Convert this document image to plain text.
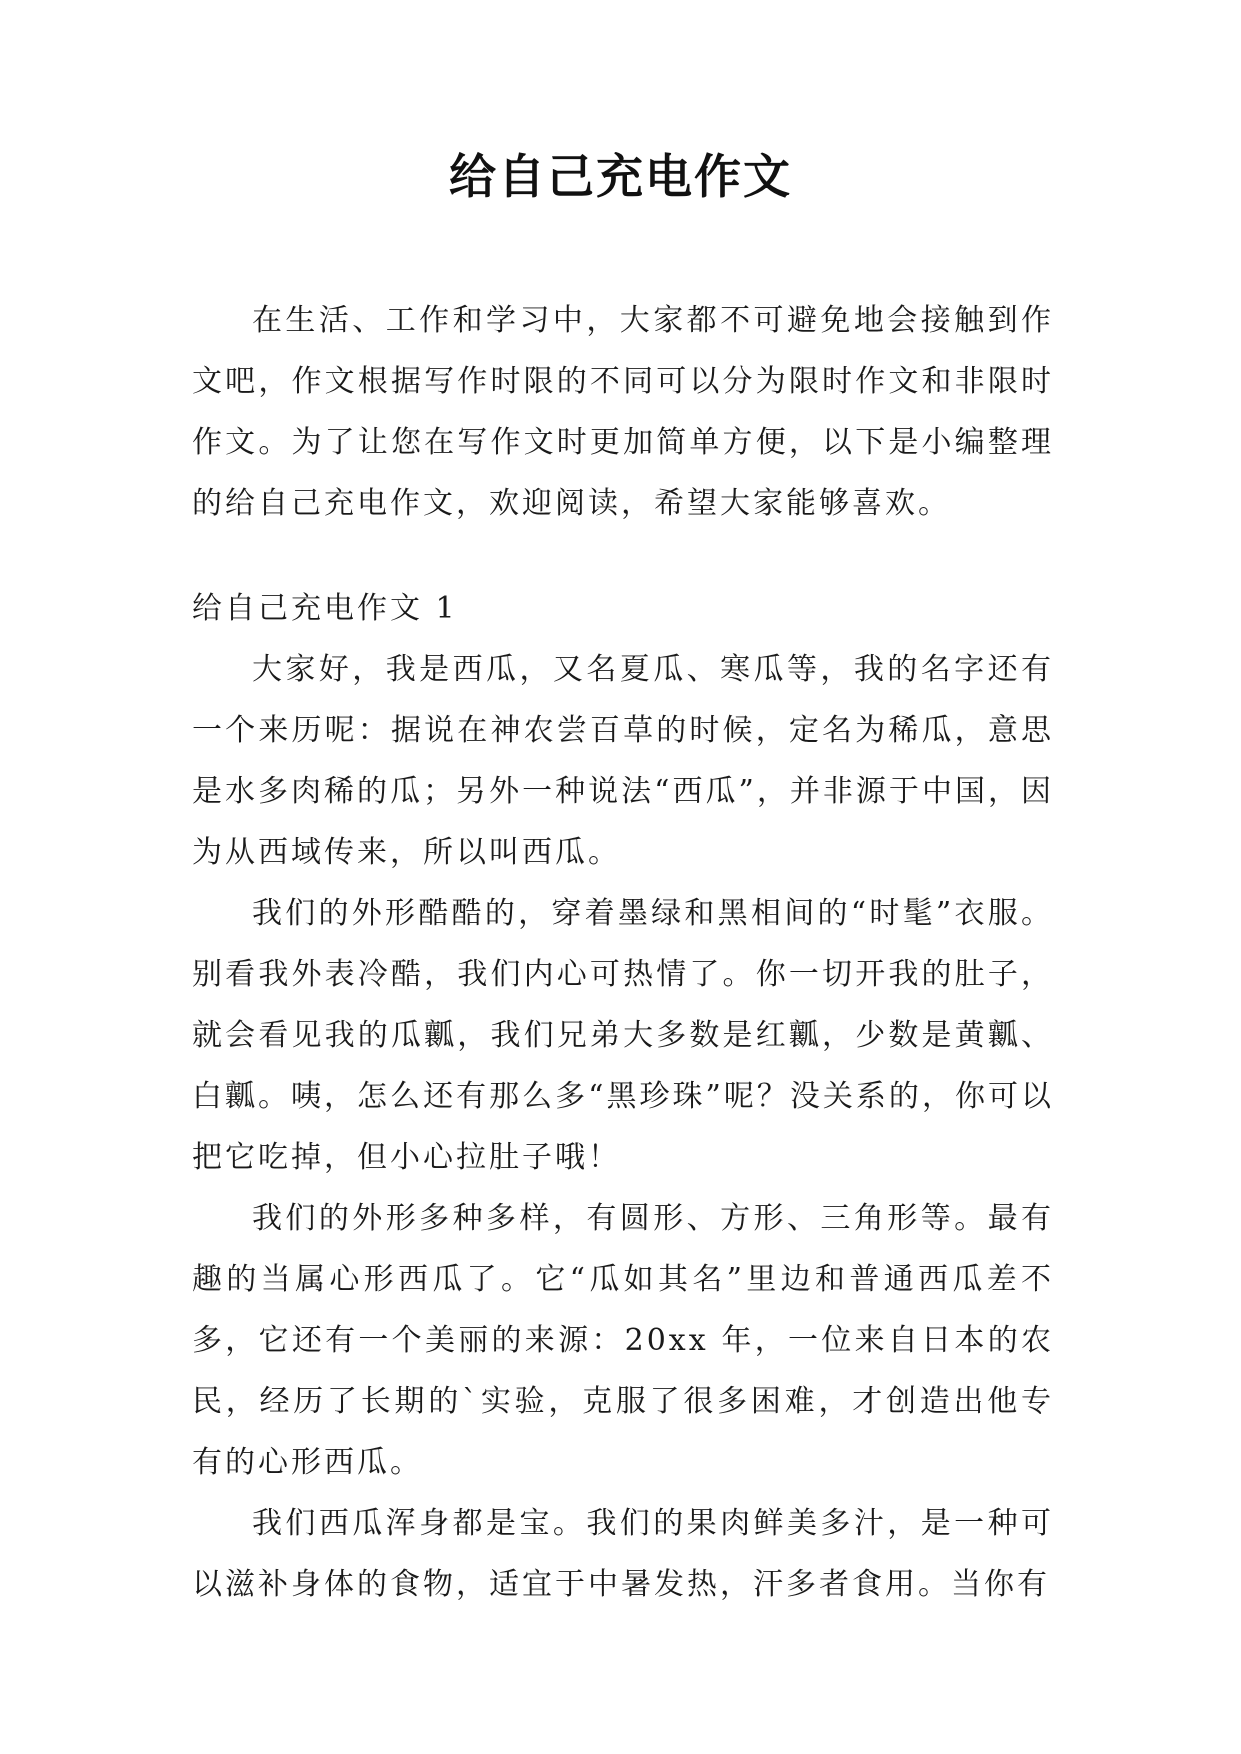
给自己充电作文

在生活、工作和学习中，大家都不可避免地会接触到作文吧，作文根据写作时限的不同可以分为限时作文和非限时作文。为了让您在写作文时更加简单方便，以下是小编整理的给自己充电作文，欢迎阅读，希望大家能够喜欢。

给自己充电作文 1

大家好，我是西瓜，又名夏瓜、寒瓜等，我的名字还有一个来历呢：据说在神农尝百草的时候，定名为稀瓜，意思是水多肉稀的瓜；另外一种说法“西瓜”，并非源于中国，因为从西域传来，所以叫西瓜。

我们的外形酷酷的，穿着墨绿和黑相间的“时髦”衣服。别看我外表冷酷，我们内心可热情了。你一切开我的肚子，就会看见我的瓜瓤，我们兄弟大多数是红瓤，少数是黄瓤、白瓤。咦，怎么还有那么多“黑珍珠”呢？没关系的，你可以把它吃掉，但小心拉肚子哦！

我们的外形多种多样，有圆形、方形、三角形等。最有趣的当属心形西瓜了。它“瓜如其名”里边和普通西瓜差不多，它还有一个美丽的来源：20xx 年，一位来自日本的农民，经历了长期的`实验，克服了很多困难，才创造出他专有的心形西瓜。

我们西瓜浑身都是宝。我们的果肉鲜美多汁，是一种可以滋补身体的食物，适宜于中暑发热，汗多者食用。当你有
